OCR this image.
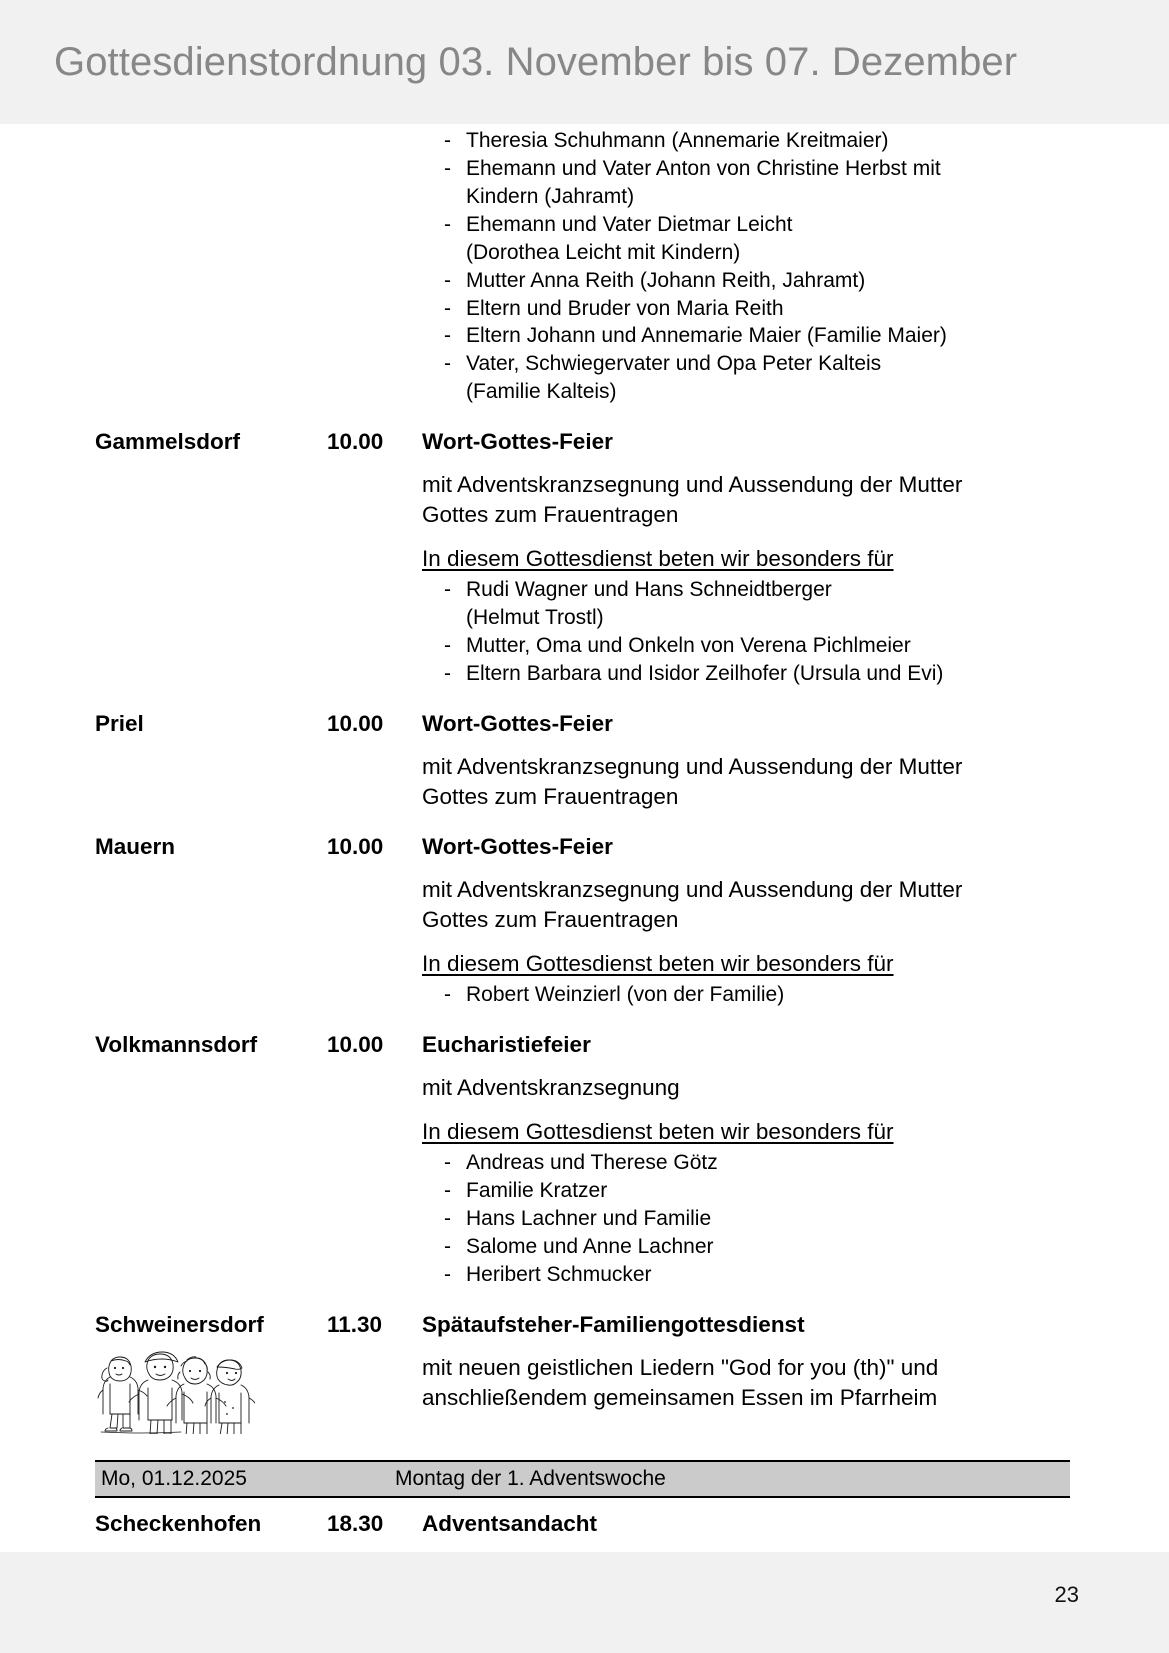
Gottesdienstordnung 03. November bis 07. Dezember
- Theresia Schuhmann (Annemarie Kreitmaier)
- Ehemann und Vater Anton von Christine Herbst mit
Kindern (Jahramt)
- Ehemann und Vater Dietmar Leicht
(Dorothea Leicht mit Kindern)
- Mutter Anna Reith (Johann Reith, Jahramt)
- Eltern und Bruder von Maria Reith
- Eltern Johann und Annemarie Maier (Familie Maier)
- Vater, Schwiegervater und Opa Peter Kalteis
(Familie Kalteis)
Gammelsdorf	10.00	Wort-Gottes-Feier
mit Adventskranzsegnung und Aussendung der Mutter Gottes zum Frauentragen
In diesem Gottesdienst beten wir besonders für
- Rudi Wagner und Hans Schneidtberger
(Helmut Trostl)
- Mutter, Oma und Onkeln von Verena Pichlmeier
- Eltern Barbara und Isidor Zeilhofer (Ursula und Evi)
Priel	10.00	Wort-Gottes-Feier
mit Adventskranzsegnung und Aussendung der Mutter Gottes zum Frauentragen
Mauern	10.00	Wort-Gottes-Feier
mit Adventskranzsegnung und Aussendung der Mutter Gottes zum Frauentragen
In diesem Gottesdienst beten wir besonders für
- Robert Weinzierl (von der Familie)
Volkmannsdorf	10.00	Eucharistiefeier
mit Adventskranzsegnung
In diesem Gottesdienst beten wir besonders für
- Andreas und Therese Götz
- Familie Kratzer
- Hans Lachner und Familie
- Salome und Anne Lachner
- Heribert Schmucker
Schweinersdorf	11.30	Spätaufsteher-Familiengottesdienst
mit neuen geistlichen Liedern "God for you (th)" und anschließendem gemeinsamen Essen im Pfarrheim
Mo, 01.12.2025	Montag der 1. Adventswoche
Scheckenhofen	18.30	Adventsandacht
23
